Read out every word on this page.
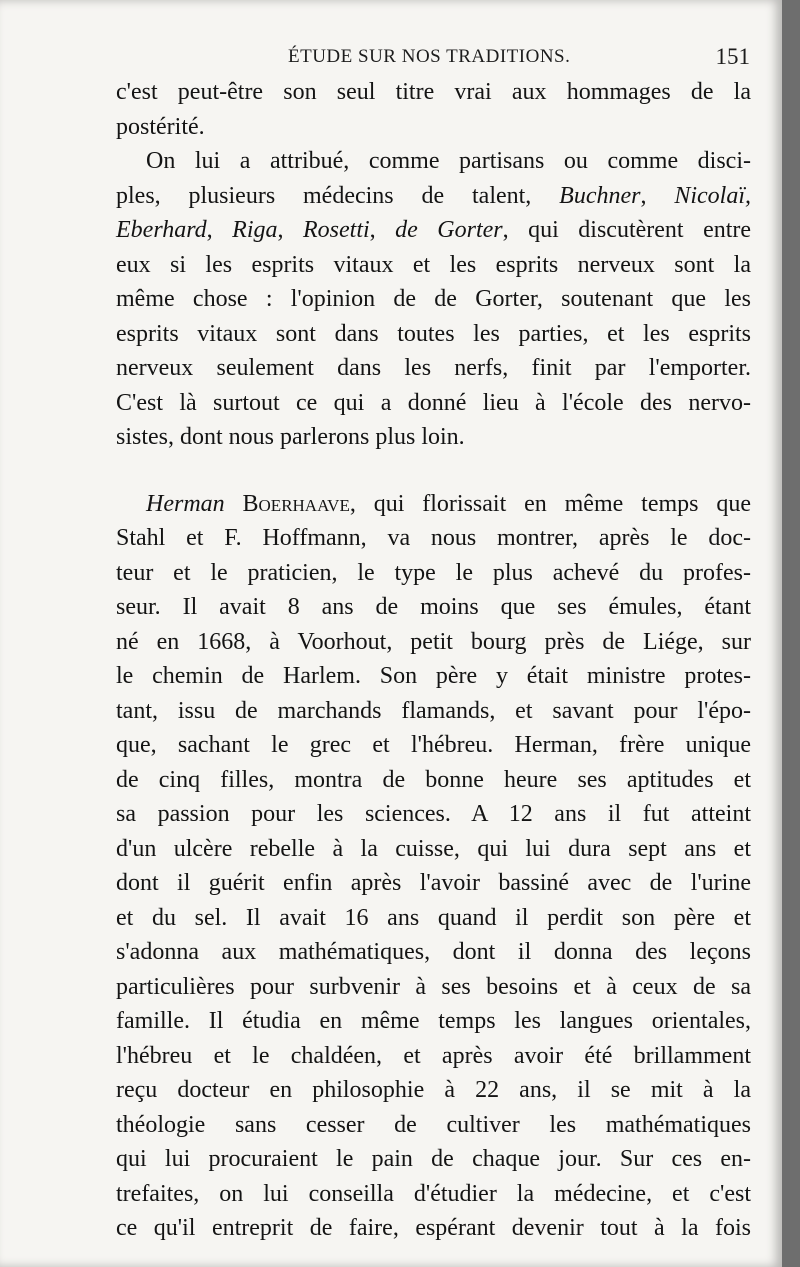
ÉTUDE SUR NOS TRADITIONS.	151
c'est peut-être son seul titre vrai aux hommages de la
postérité.
On lui a attribué, comme partisans ou comme disci-
ples, plusieurs médecins de talent, Buchner, Nicolaï,
Eberhard, Riga, Rosetti, de Gorter, qui discutèrent entre
eux si les esprits vitaux et les esprits nerveux sont la
même chose : l'opinion de de Gorter, soutenant que les
esprits vitaux sont dans toutes les parties, et les esprits
nerveux seulement dans les nerfs, finit par l'emporter.
C'est là surtout ce qui a donné lieu à l'école des nervo-
sistes, dont nous parlerons plus loin.
Herman Boerhaave, qui florissait en même temps que
Stahl et F. Hoffmann, va nous montrer, après le doc-
teur et le praticien, le type le plus achevé du profes-
seur. Il avait 8 ans de moins que ses émules, étant
né en 1668, à Voorhout, petit bourg près de Liége, sur
le chemin de Harlem. Son père y était ministre protes-
tant, issu de marchands flamands, et savant pour l'épo-
que, sachant le grec et l'hébreu. Herman, frère unique
de cinq filles, montra de bonne heure ses aptitudes et
sa passion pour les sciences. A 12 ans il fut atteint
d'un ulcère rebelle à la cuisse, qui lui dura sept ans et
dont il guérit enfin après l'avoir bassiné avec de l'urine
et du sel. Il avait 16 ans quand il perdit son père et
s'adonna aux mathématiques, dont il donna des leçons
particulières pour surbvenir à ses besoins et à ceux de sa
famille. Il étudia en même temps les langues orientales,
l'hébreu et le chaldéen, et après avoir été brillamment
reçu docteur en philosophie à 22 ans, il se mit à la
théologie sans cesser de cultiver les mathématiques
qui lui procuraient le pain de chaque jour. Sur ces en-
trefaites, on lui conseilla d'étudier la médecine, et c'est
ce qu'il entreprit de faire, espérant devenir tout à la fois
